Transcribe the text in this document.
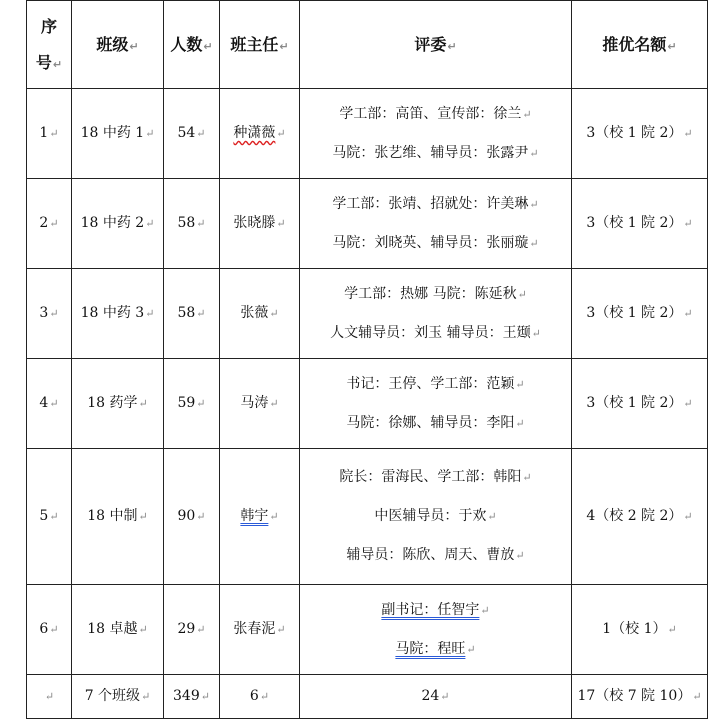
序
号↵	班级↵	人数↵	班主任↵	评委↵	推优名额↵
1↵	18 中药 1↵	54↵	种潇薇↵	学工部：高笛、宣传部：徐兰↵
马院：张艺维、辅导员：张露尹↵	3（校 1 院 2）↵
2↵	18 中药 2↵	58↵	张晓滕↵	学工部：张靖、招就处：许美琳↵
马院：刘晓英、辅导员：张丽璇↵	3（校 1 院 2）↵
3↵	18 中药 3↵	58↵	张薇↵	学工部：热娜 马院：陈延秋↵
人文辅导员：刘玉 辅导员：王颋↵	3（校 1 院 2）↵
4↵	18 药学↵	59↵	马涛↵	书记：王停、学工部：范颖↵
马院：徐娜、辅导员：李阳↵	3（校 1 院 2）↵
5↵	18 中制↵	90↵	韩宇↵	院长：雷海民、学工部：韩阳↵
中医辅导员：于欢↵
辅导员：陈欣、周天、曹放↵	4（校 2 院 2）↵
6↵	18 卓越↵	29↵	张春泥↵	副书记：任智宇↵
马院：程旺↵	1（校 1）↵
↵	7 个班级↵	349↵	6↵	24↵	17（校 7 院 10）↵
